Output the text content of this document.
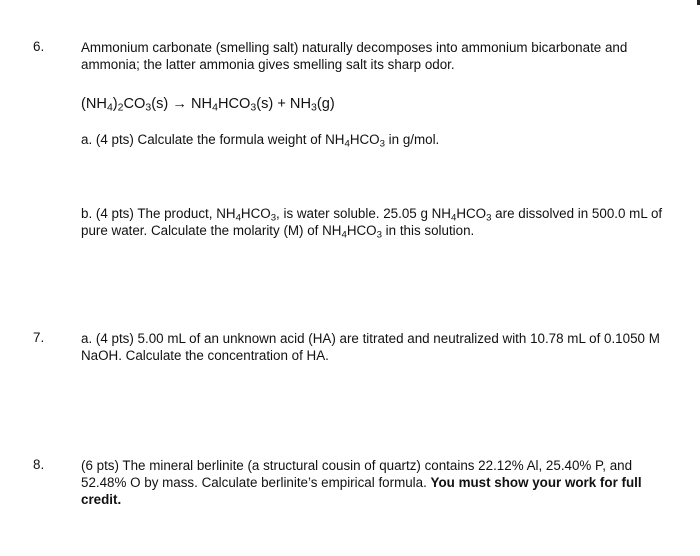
6.	Ammonium carbonate (smelling salt) naturally decomposes into ammonium bicarbonate and ammonia; the latter ammonia gives smelling salt its sharp odor.
$(NH_4)_2CO_3(s) \to NH_4HCO_3(s) + NH_3(g)$
a. (4 pts) Calculate the formula weight of $NH_4HCO_3$ in g/mol.
b. (4 pts) The product, $NH_4HCO_3$, is water soluble. 25.05 g $NH_4HCO_3$ are dissolved in 500.0 mL of pure water. Calculate the molarity (M) of $NH_4HCO_3$ in this solution.
7.	a. (4 pts) 5.00 mL of an unknown acid (HA) are titrated and neutralized with 10.78 mL of 0.1050 M NaOH. Calculate the concentration of HA.
8.	(6 pts) The mineral berlinite (a structural cousin of quartz) contains 22.12% Al, 25.40% P, and 52.48% O by mass. Calculate berlinite’s empirical formula. You must show your work for full credit.
